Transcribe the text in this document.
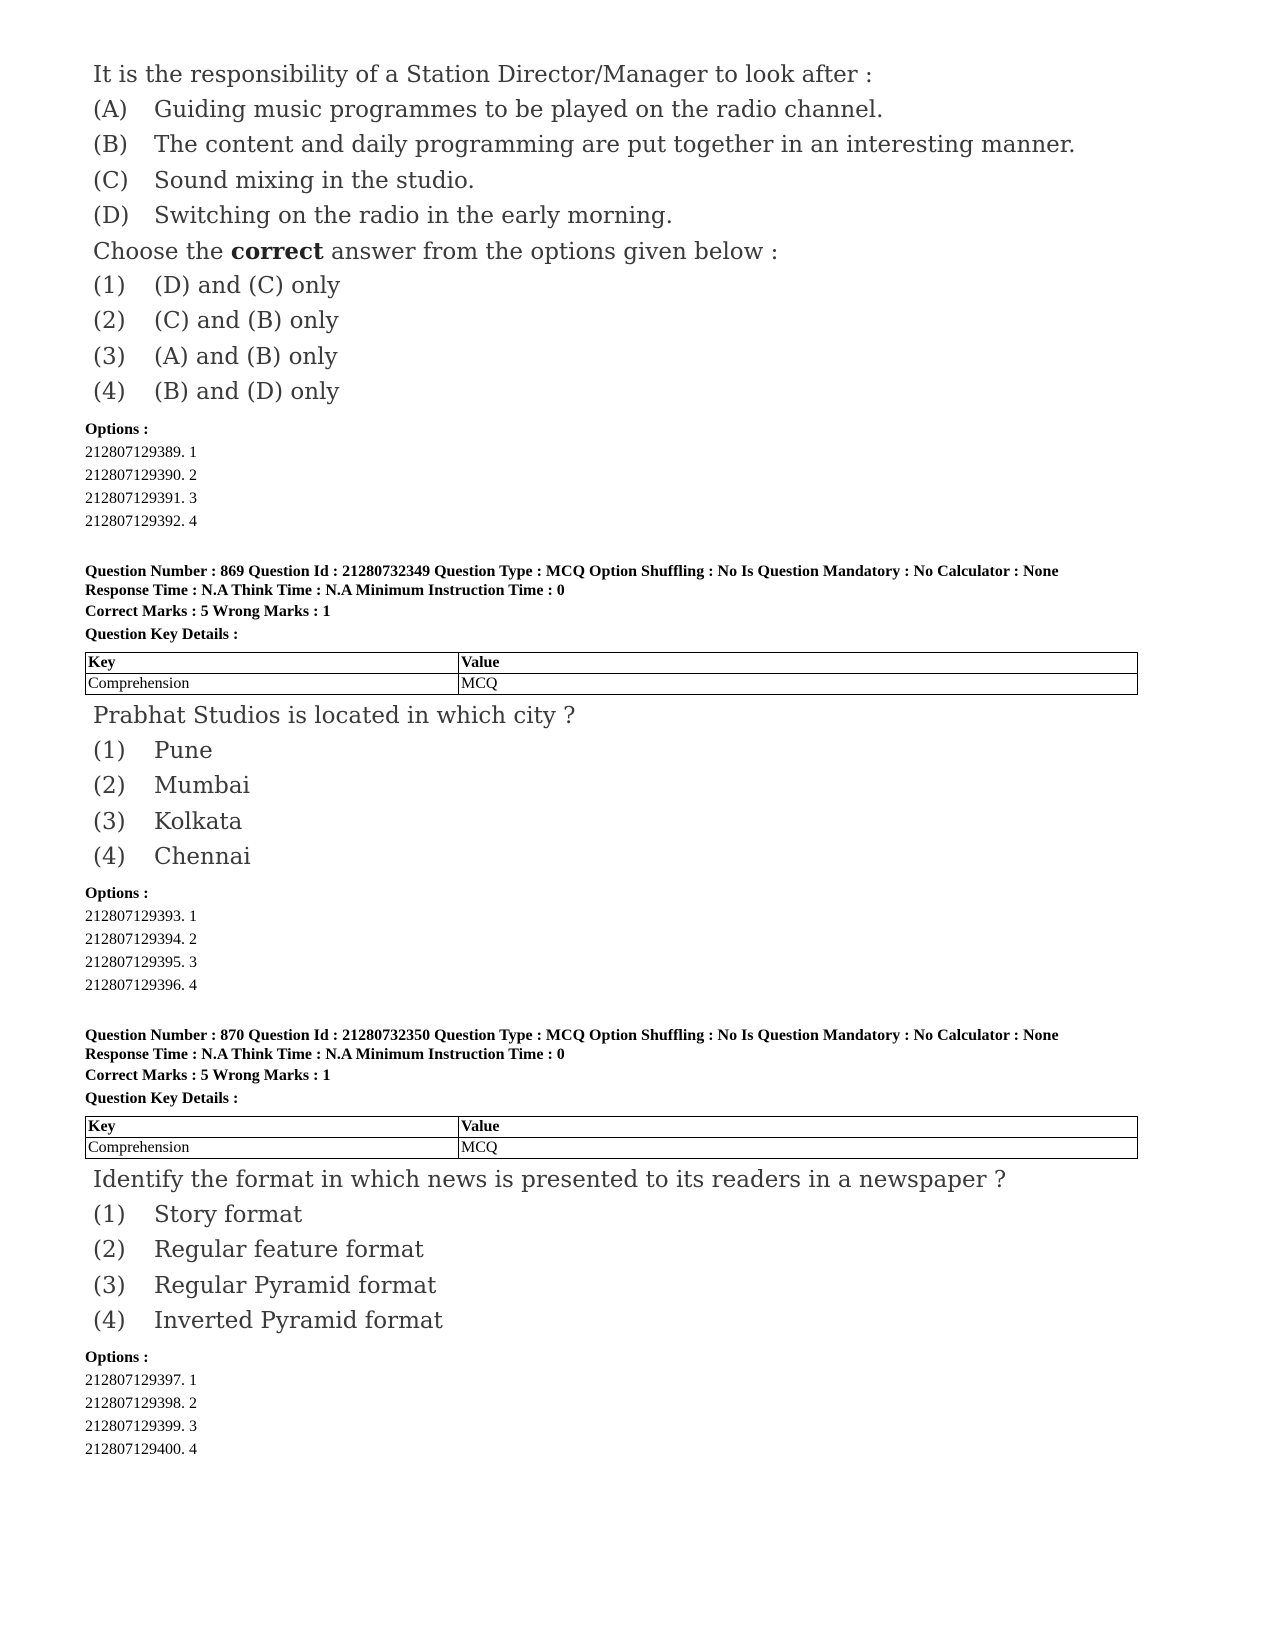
It is the responsibility of a Station Director/Manager to look after :
(A)	Guiding music programmes to be played on the radio channel.
(B)	The content and daily programming are put together in an interesting manner.
(C)	Sound mixing in the studio.
(D)	Switching on the radio in the early morning.
Choose the correct answer from the options given below :
(1)	(D) and (C) only
(2)	(C) and (B) only
(3)	(A) and (B) only
(4)	(B) and (D) only
Options :
212807129389. 1
212807129390. 2
212807129391. 3
212807129392. 4
Question Number : 869 Question Id : 21280732349 Question Type : MCQ Option Shuffling : No Is Question Mandatory : No Calculator : None
Response Time : N.A Think Time : N.A Minimum Instruction Time : 0
Correct Marks : 5 Wrong Marks : 1
Question Key Details :
Key	Value
Comprehension	MCQ
Prabhat Studios is located in which city ?
(1)	Pune
(2)	Mumbai
(3)	Kolkata
(4)	Chennai
Options :
212807129393. 1
212807129394. 2
212807129395. 3
212807129396. 4
Question Number : 870 Question Id : 21280732350 Question Type : MCQ Option Shuffling : No Is Question Mandatory : No Calculator : None
Response Time : N.A Think Time : N.A Minimum Instruction Time : 0
Correct Marks : 5 Wrong Marks : 1
Question Key Details :
Key	Value
Comprehension	MCQ
Identify the format in which news is presented to its readers in a newspaper ?
(1)	Story format
(2)	Regular feature format
(3)	Regular Pyramid format
(4)	Inverted Pyramid format
Options :
212807129397. 1
212807129398. 2
212807129399. 3
212807129400. 4
